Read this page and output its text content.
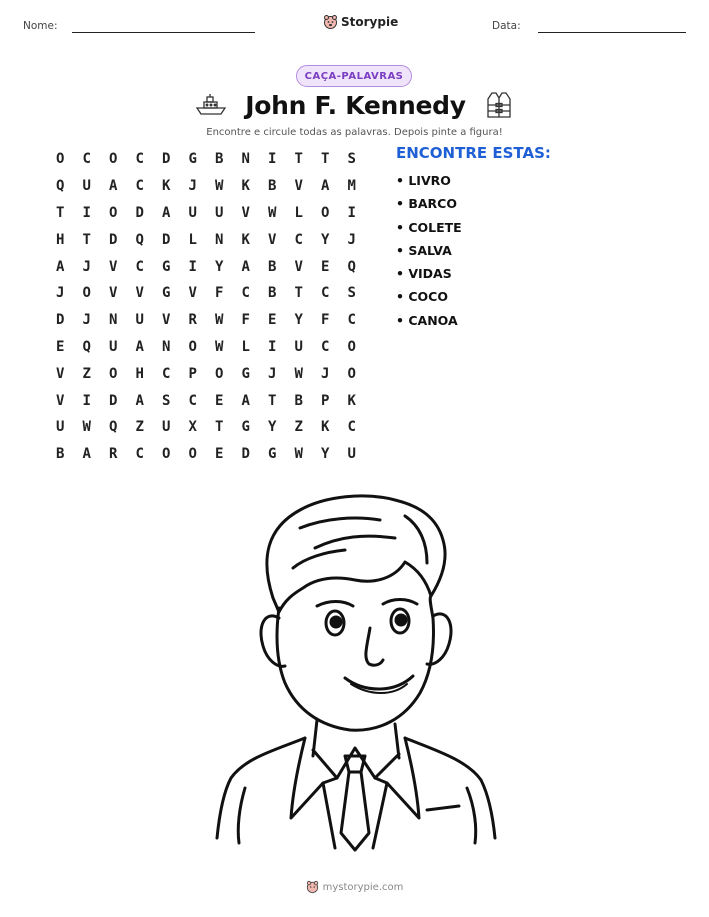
Nome:	Storypie	Data:
CAÇA-PALAVRAS
John F. Kennedy
Encontre e circule todas as palavras. Depois pinte a figura!
O	C	O	C	D	G	B	N	I	T	T	S
Q	U	A	C	K	J	W	K	B	V	A	M
T	I	O	D	A	U	U	V	W	L	O	I
H	T	D	Q	D	L	N	K	V	C	Y	J
A	J	V	C	G	I	Y	A	B	V	E	Q
J	O	V	V	G	V	F	C	B	T	C	S
D	J	N	U	V	R	W	F	E	Y	F	C
E	Q	U	A	N	O	W	L	I	U	C	O
V	Z	O	H	C	P	O	G	J	W	J	O
V	I	D	A	S	C	E	A	T	B	P	K
U	W	Q	Z	U	X	T	G	Y	Z	K	C
B	A	R	C	O	O	E	D	G	W	Y	U
ENCONTRE ESTAS:
• LIVRO
• BARCO
• COLETE
• SALVA
• VIDAS
• COCO
• CANOA
mystorypie.com
